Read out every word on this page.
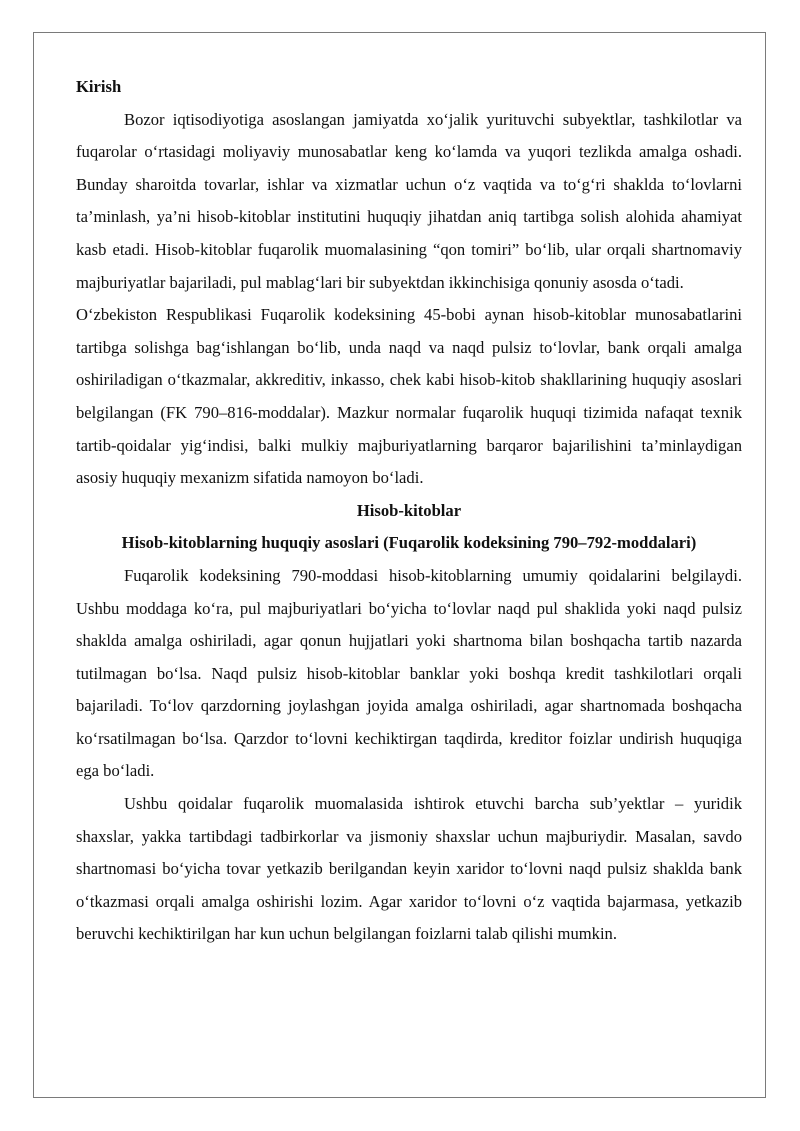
Kirish

Bozor iqtisodiyotiga asoslangan jamiyatda xo‘jalik yurituvchi subyektlar, tashkilotlar va fuqarolar o‘rtasidagi moliyaviy munosabatlar keng ko‘lamda va yuqori tezlikda amalga oshadi. Bunday sharoitda tovarlar, ishlar va xizmatlar uchun o‘z vaqtida va to‘g‘ri shaklda to‘lovlarni ta’minlash, ya’ni hisob-kitoblar institutini huquqiy jihatdan aniq tartibga solish alohida ahamiyat kasb etadi. Hisob-kitoblar fuqarolik muomalasining “qon tomiri” bo‘lib, ular orqali shartnomaviy majburiyatlar bajariladi, pul mablag‘lari bir subyektdan ikkinchisiga qonuniy asosda o‘tadi.

O‘zbekiston Respublikasi Fuqarolik kodeksining 45-bobi aynan hisob-kitoblar munosabatlarini tartibga solishga bag‘ishlangan bo‘lib, unda naqd va naqd pulsiz to‘lovlar, bank orqali amalga oshiriladigan o‘tkazmalar, akkreditiv, inkasso, chek kabi hisob-kitob shakllarining huquqiy asoslari belgilangan (FK 790–816-moddalar). Mazkur normalar fuqarolik huquqi tizimida nafaqat texnik tartib-qoidalar yig‘indisi, balki mulkiy majburiyatlarning barqaror bajarilishini ta’minlaydigan asosiy huquqiy mexanizm sifatida namoyon bo‘ladi.

Hisob-kitoblar

Hisob-kitoblarning huquqiy asoslari (Fuqarolik kodeksining 790–792-moddalari)

Fuqarolik kodeksining 790-moddasi hisob-kitoblarning umumiy qoidalarini belgilaydi. Ushbu moddaga ko‘ra, pul majburiyatlari bo‘yicha to‘lovlar naqd pul shaklida yoki naqd pulsiz shaklda amalga oshiriladi, agar qonun hujjatlari yoki shartnoma bilan boshqacha tartib nazarda tutilmagan bo‘lsa. Naqd pulsiz hisob-kitoblar banklar yoki boshqa kredit tashkilotlari orqali bajariladi. To‘lov qarzdorning joylashgan joyida amalga oshiriladi, agar shartnomada boshqacha ko‘rsatilmagan bo‘lsa. Qarzdor to‘lovni kechiktirgan taqdirda, kreditor foizlar undirish huquqiga ega bo‘ladi.

Ushbu qoidalar fuqarolik muomalasida ishtirok etuvchi barcha sub’yektlar – yuridik shaxslar, yakka tartibdagi tadbirkorlar va jismoniy shaxslar uchun majburiydir. Masalan, savdo shartnomasi bo‘yicha tovar yetkazib berilgandan keyin xaridor to‘lovni naqd pulsiz shaklda bank o‘tkazmasi orqali amalga oshirishi lozim. Agar xaridor to‘lovni o‘z vaqtida bajarmasa, yetkazib beruvchi kechiktirilgan har kun uchun belgilangan foizlarni talab qilishi mumkin.
